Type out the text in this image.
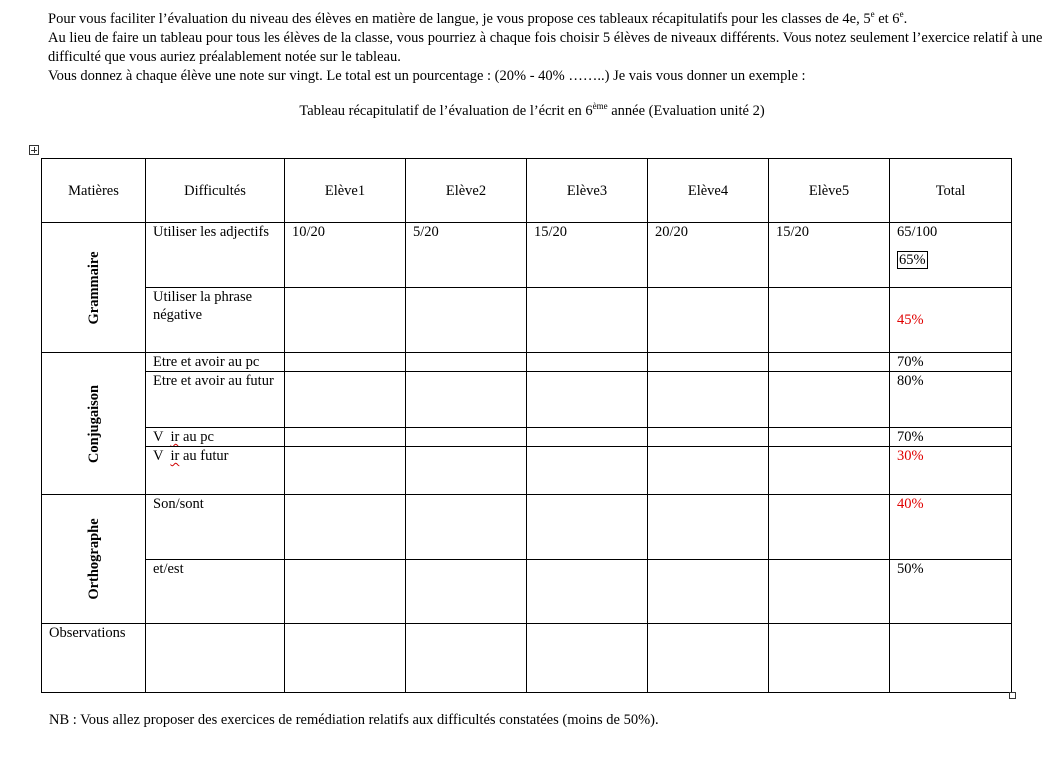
Pour vous faciliter l’évaluation du niveau des élèves en matière de langue, je vous propose ces tableaux récapitulatifs pour les classes de 4e, 5e et 6e.

Au lieu de faire un tableau pour tous les élèves de la classe, vous pourriez à chaque fois choisir 5 élèves de niveaux différents. Vous notez seulement l’exercice relatif à une difficulté que vous auriez préalablement notée sur le tableau.

Vous donnez à chaque élève une note sur vingt. Le total est un pourcentage : (20% - 40% ……..) Je vais vous donner un exemple :

Tableau récapitulatif de l’évaluation de l’écrit en 6ème année (Evaluation unité 2)

Matières	Difficultés	Elève1	Elève2	Elève3	Elève4	Elève5	Total

Grammaire	Utiliser les adjectifs	10/20	5/20	15/20	20/20	15/20	65/100
65%
	Utiliser la phrase négative						45%

Conjugaison	Etre et avoir au pc						70%
	Etre et avoir au futur						80%
	V  ir au pc						70%
	V  ir au futur						30%

Orthographe	Son/sont						40%
	et/est						50%
Observations							

NB : Vous allez proposer des exercices de remédiation relatifs aux difficultés constatées (moins de 50%).
